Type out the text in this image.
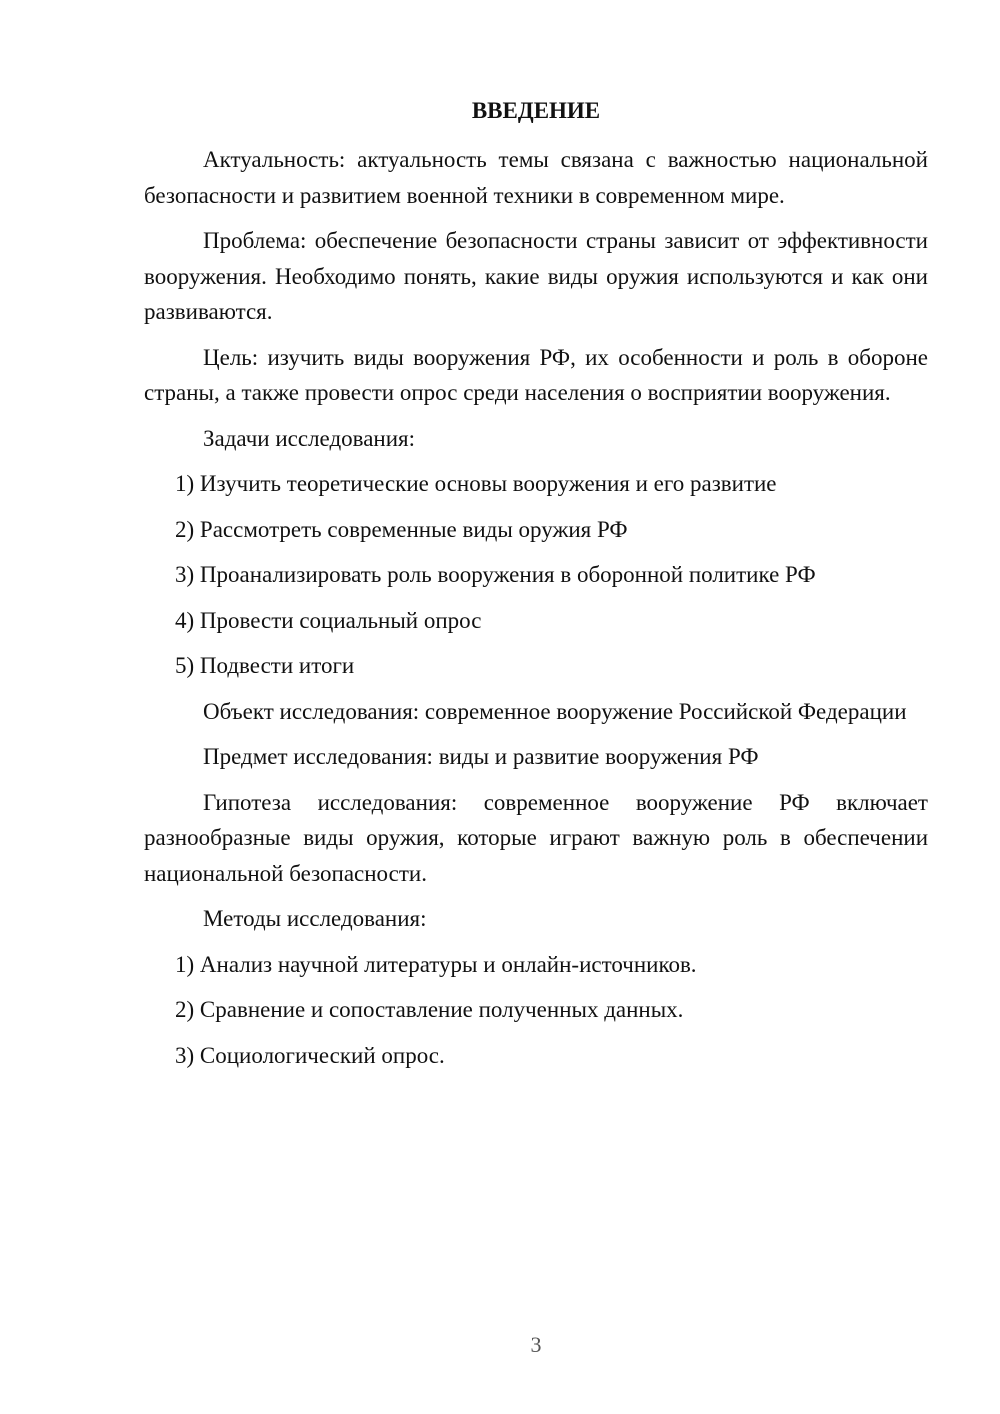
ВВЕДЕНИЕ

Актуальность: актуальность темы связана с важностью национальной безопасности и развитием военной техники в современном мире.

Проблема: обеспечение безопасности страны зависит от эффективности вооружения. Необходимо понять, какие виды оружия используются и как они развиваются.

Цель: изучить виды вооружения РФ, их особенности и роль в обороне страны, а также провести опрос среди населения о восприятии вооружения.

Задачи исследования:

1) Изучить теоретические основы вооружения и его развитие

2) Рассмотреть современные виды оружия РФ

3) Проанализировать роль вооружения в оборонной политике РФ

4) Провести социальный опрос

5) Подвести итоги

Объект исследования: современное вооружение Российской Федерации

Предмет исследования: виды и развитие вооружения РФ

Гипотеза исследования: современное вооружение РФ включает разнообразные виды оружия, которые играют важную роль в обеспечении национальной безопасности.

Методы исследования:

1) Анализ научной литературы и онлайн-источников.

2) Сравнение и сопоставление полученных данных.

3) Социологический опрос.

3
